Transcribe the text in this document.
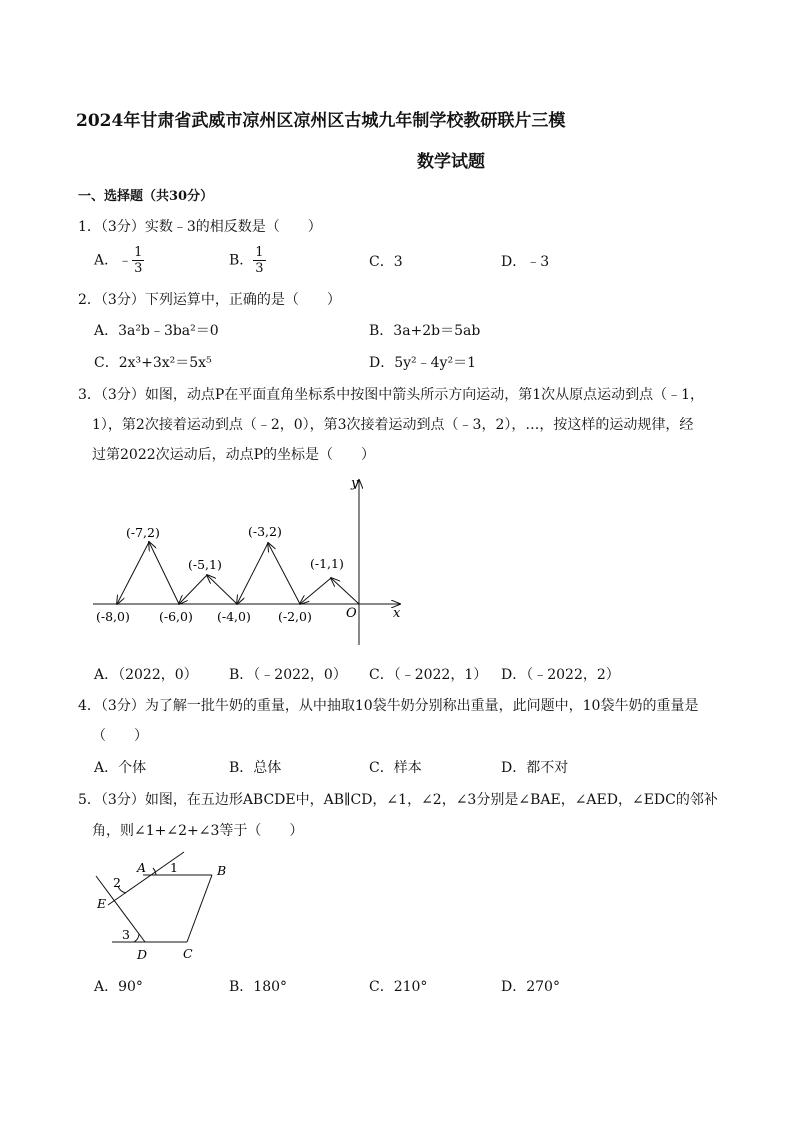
2024年甘肃省武威市凉州区凉州区古城九年制学校教研联片三模
数学试题
一、选择题（共30分）
1．（3分）实数﹣3的相反数是（　　）
A．﹣ $\frac{1}{3}$	B． $\frac{1}{3}$	C．3	D．﹣3
2．（3分）下列运算中，正确的是（　　）
A．3a²b﹣3ba²＝0	B．3a+2b＝5ab
C．2x³+3x²＝5x⁵	D．5y²﹣4y²＝1
3．（3分）如图，动点P在平面直角坐标系中按图中箭头所示方向运动，第1次从原点运动到点（﹣1，
1），第2次接着运动到点（﹣2，0），第3次接着运动到点（﹣3，2），…，按这样的运动规律，经
过第2022次运动后，动点P的坐标是（　　）
y
x
O
(-7,2)	(-3,2)
(-5,1)	(-1,1)
(-8,0) (-6,0) (-4,0) (-2,0)
A．（2022，0） B．（﹣2022，0） C．（﹣2022，1） D．（﹣2022，2）
4．（3分）为了解一批牛奶的重量，从中抽取10袋牛奶分别称出重量，此问题中，10袋牛奶的重量是
（　　）
A．个体	B．总体	C．样本	D．都不对
5．（3分）如图，在五边形ABCDE中，AB∥CD，∠1，∠2，∠3分别是∠BAE，∠AED，∠EDC的邻补
角，则∠1+∠2+∠3等于（　　）
A	B
C
D
E
1
2
3
A．90°	B．180°	C．210°	D．270°
